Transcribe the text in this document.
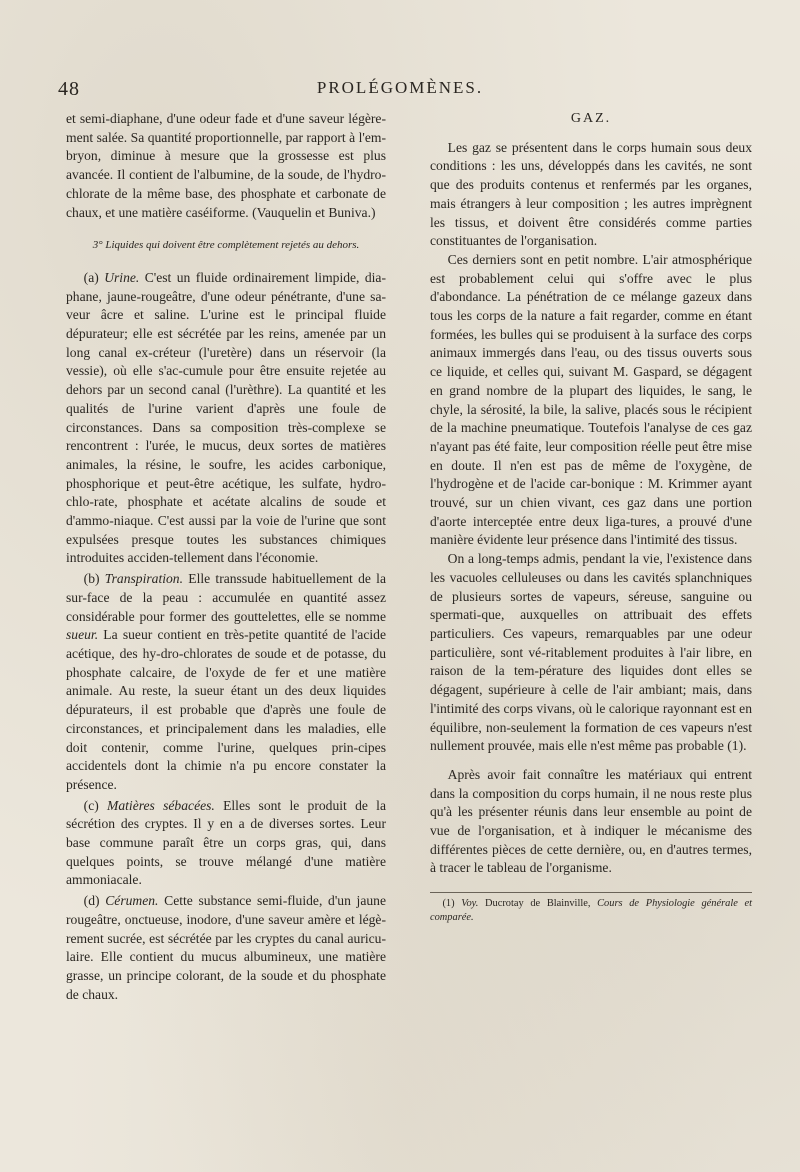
48	PROLÉGOMÈNES.

et semi-diaphane, d'une odeur fade et d'une saveur légère-ment salée. Sa quantité proportionnelle, par rapport à l'em-bryon, diminue à mesure que la grossesse est plus avancée. Il contient de l'albumine, de la soude, de l'hydro-chlorate de la même base, des phosphate et carbonate de chaux, et une matière caséiforme. (Vauquelin et Buniva.)

3° Liquides qui doivent être complètement rejetés au dehors.

(a) Urine. C'est un fluide ordinairement limpide, dia-phane, jaune-rougeâtre, d'une odeur pénétrante, d'une sa-veur âcre et saline. L'urine est le principal fluide dépurateur; elle est sécrétée par les reins, amenée par un long canal ex-créteur (l'uretère) dans un réservoir (la vessie), où elle s'ac-cumule pour être ensuite rejetée au dehors par un second canal (l'urèthre). La quantité et les qualités de l'urine varient d'après une foule de circonstances. Dans sa composition très-complexe se rencontrent : l'urée, le mucus, deux sortes de matières animales, la résine, le soufre, les acides carbonique, phosphorique et peut-être acétique, les sulfate, hydro-chlo-rate, phosphate et acétate alcalins de soude et d'ammo-niaque. C'est aussi par la voie de l'urine que sont expulsées presque toutes les substances chimiques introduites acciden-tellement dans l'économie.

(b) Transpiration. Elle transsude habituellement de la sur-face de la peau : accumulée en quantité assez considérable pour former des gouttelettes, elle se nomme sueur. La sueur contient en très-petite quantité de l'acide acétique, des hy-dro-chlorates de soude et de potasse, du phosphate calcaire, de l'oxyde de fer et une matière animale. Au reste, la sueur étant un des deux liquides dépurateurs, il est probable que d'après une foule de circonstances, et principalement dans les maladies, elle doit contenir, comme l'urine, quelques prin-cipes accidentels dont la chimie n'a pu encore constater la présence.

(c) Matières sébacées. Elles sont le produit de la sécrétion des cryptes. Il y en a de diverses sortes. Leur base commune paraît être un corps gras, qui, dans quelques points, se trouve mélangé d'une matière ammoniacale.

(d) Cérumen. Cette substance semi-fluide, d'un jaune rougeâtre, onctueuse, inodore, d'une saveur amère et légè-rement sucrée, est sécrétée par les cryptes du canal auricu-laire. Elle contient du mucus albumineux, une matière grasse, un principe colorant, de la soude et du phosphate de chaux.

GAZ.

Les gaz se présentent dans le corps humain sous deux conditions : les uns, développés dans les cavités, ne sont que des produits contenus et renfermés par les organes, mais étrangers à leur composition ; les autres imprègnent les tissus, et doivent être considérés comme parties constituantes de l'organisation.

Ces derniers sont en petit nombre. L'air atmosphérique est probablement celui qui s'offre avec le plus d'abondance. La pénétration de ce mélange gazeux dans tous les corps de la nature a fait regarder, comme en étant formées, les bulles qui se produisent à la surface des corps animaux immergés dans l'eau, ou des tissus ouverts sous ce liquide, et celles qui, suivant M. Gaspard, se dégagent en grand nombre de la plupart des liquides, le sang, le chyle, la sérosité, la bile, la salive, placés sous le récipient de la machine pneumatique. Toutefois l'analyse de ces gaz n'ayant pas été faite, leur composition réelle peut être mise en doute. Il n'en est pas de même de l'oxygène, de l'hydrogène et de l'acide car-bonique : M. Krimmer ayant trouvé, sur un chien vivant, ces gaz dans une portion d'aorte interceptée entre deux liga-tures, a prouvé d'une manière évidente leur présence dans l'intimité des tissus.

On a long-temps admis, pendant la vie, l'existence dans les vacuoles celluleuses ou dans les cavités splanchniques de plusieurs sortes de vapeurs, séreuse, sanguine ou spermati-que, auxquelles on attribuait des effets particuliers. Ces vapeurs, remarquables par une odeur particulière, sont vé-ritablement produites à l'air libre, en raison de la tem-pérature des liquides dont elles se dégagent, supérieure à celle de l'air ambiant; mais, dans l'intimité des corps vivans, où le calorique rayonnant est en équilibre, non-seulement la formation de ces vapeurs n'est nullement prouvée, mais elle n'est même pas probable (1).

Après avoir fait connaître les matériaux qui entrent dans la composition du corps humain, il ne nous reste plus qu'à les présenter réunis dans leur ensemble au point de vue de l'organisation, et à indiquer le mécanisme des différentes pièces de cette dernière, ou, en d'autres termes, à tracer le tableau de l'organisme.

(1) Voy. Ducrotay de Blainville, Cours de Physiologie générale et comparée.
